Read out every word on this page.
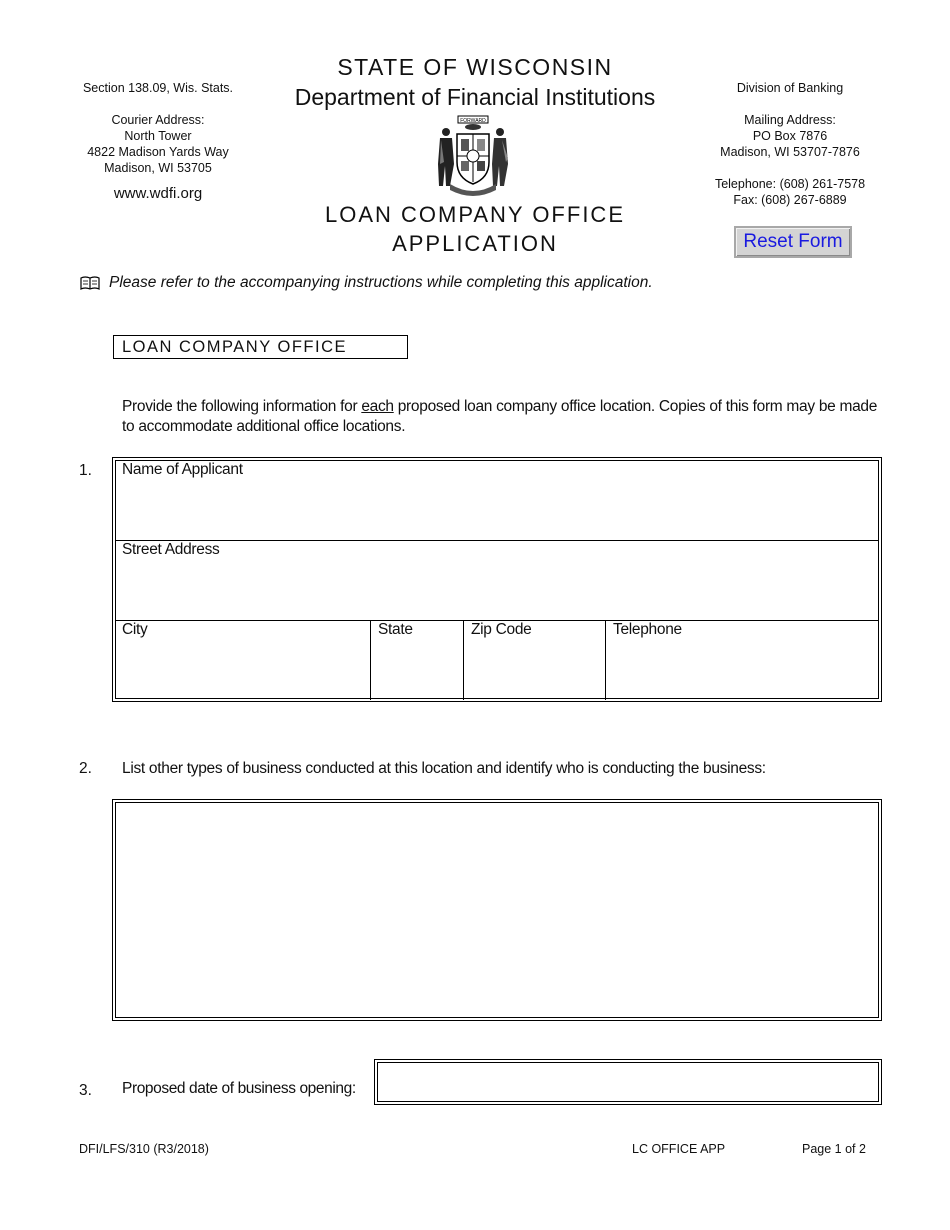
Section 138.09, Wis. Stats.
Courier Address:
North Tower
4822 Madison Yards Way
Madison, WI 53705
www.wdfi.org
STATE OF WISCONSIN
Department of Financial Institutions
FORWARD
LOAN COMPANY OFFICE
APPLICATION
Division of Banking
Mailing Address:
PO Box 7876
Madison, WI 53707-7876
Telephone: (608) 261-7578
Fax: (608) 267-6889
Reset Form
Please refer to the accompanying instructions while completing this application.
LOAN COMPANY OFFICE
Provide the following information for each proposed loan company office location. Copies of this form may be made to accommodate additional office locations.
1. Name of Applicant
Street Address
City	State	Zip Code	Telephone
2. List other types of business conducted at this location and identify who is conducting the business:
3. Proposed date of business opening:
DFI/LFS/310 (R3/2018)	LC OFFICE APP	Page 1 of 2
